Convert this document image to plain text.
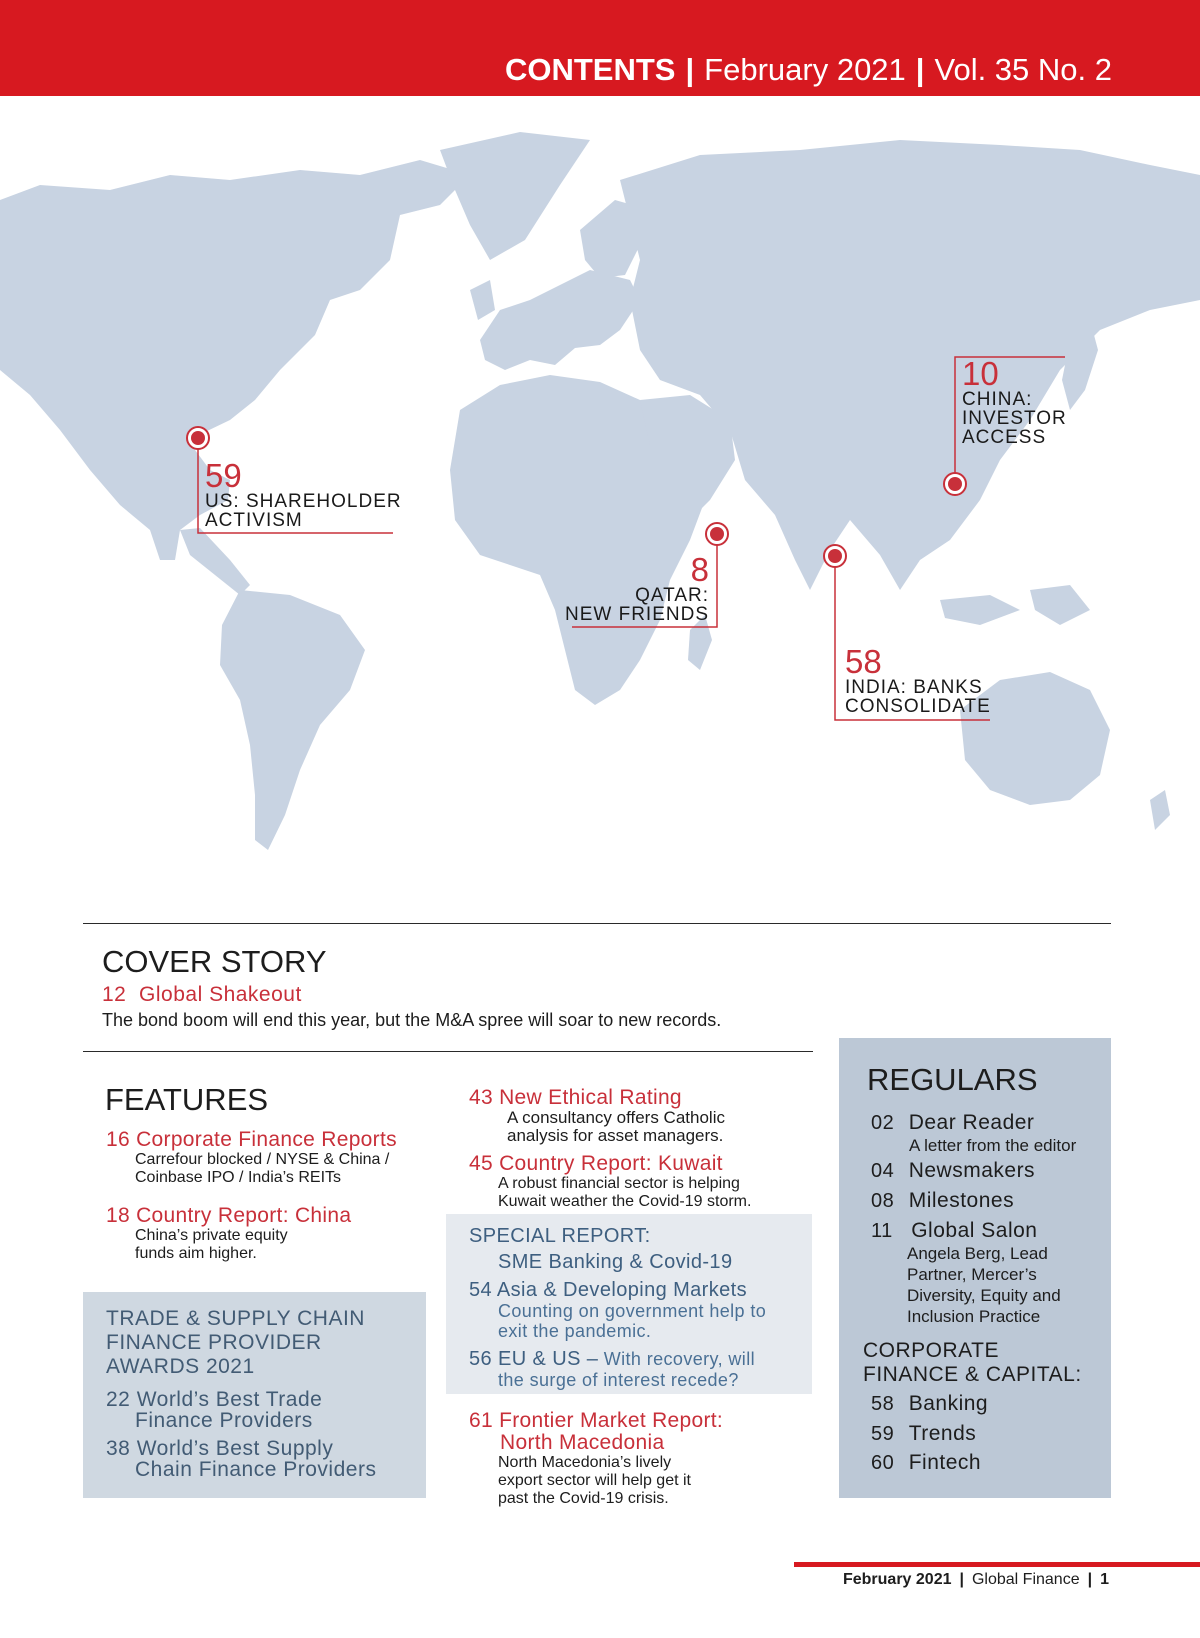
CONTENTS | February 2021 | Vol. 35 No. 2
59
US: SHAREHOLDER
ACTIVISM
10
CHINA:
INVESTOR
ACCESS
8
QATAR:
NEW FRIENDS
58
INDIA: BANKS
CONSOLIDATE
COVER STORY
12  Global Shakeout
The bond boom will end this year, but the M&A spree will soar to new records.
FEATURES
16 Corporate Finance Reports
Carrefour blocked / NYSE & China /
Coinbase IPO / India’s REITs
18 Country Report: China
China’s private equity
funds aim higher.
43 New Ethical Rating
A consultancy offers Catholic
analysis for asset managers.
45 Country Report: Kuwait
A robust financial sector is helping
Kuwait weather the Covid-19 storm.
TRADE & SUPPLY CHAIN
FINANCE PROVIDER
AWARDS 2021
22 World’s Best Trade
Finance Providers
38 World’s Best Supply
Chain Finance Providers
SPECIAL REPORT:
SME Banking & Covid-19
54 Asia & Developing Markets
Counting on government help to
exit the pandemic.
56 EU & US – With recovery, will
the surge of interest recede?
61 Frontier Market Report:
North Macedonia
North Macedonia’s lively
export sector will help get it
past the Covid-19 crisis.
REGULARS
02 Dear Reader
A letter from the editor
04 Newsmakers
08 Milestones
11 Global Salon
Angela Berg, Lead
Partner, Mercer’s
Diversity, Equity and
Inclusion Practice
CORPORATE
FINANCE & CAPITAL:
58 Banking
59 Trends
60 Fintech
February 2021 | Global Finance | 1
